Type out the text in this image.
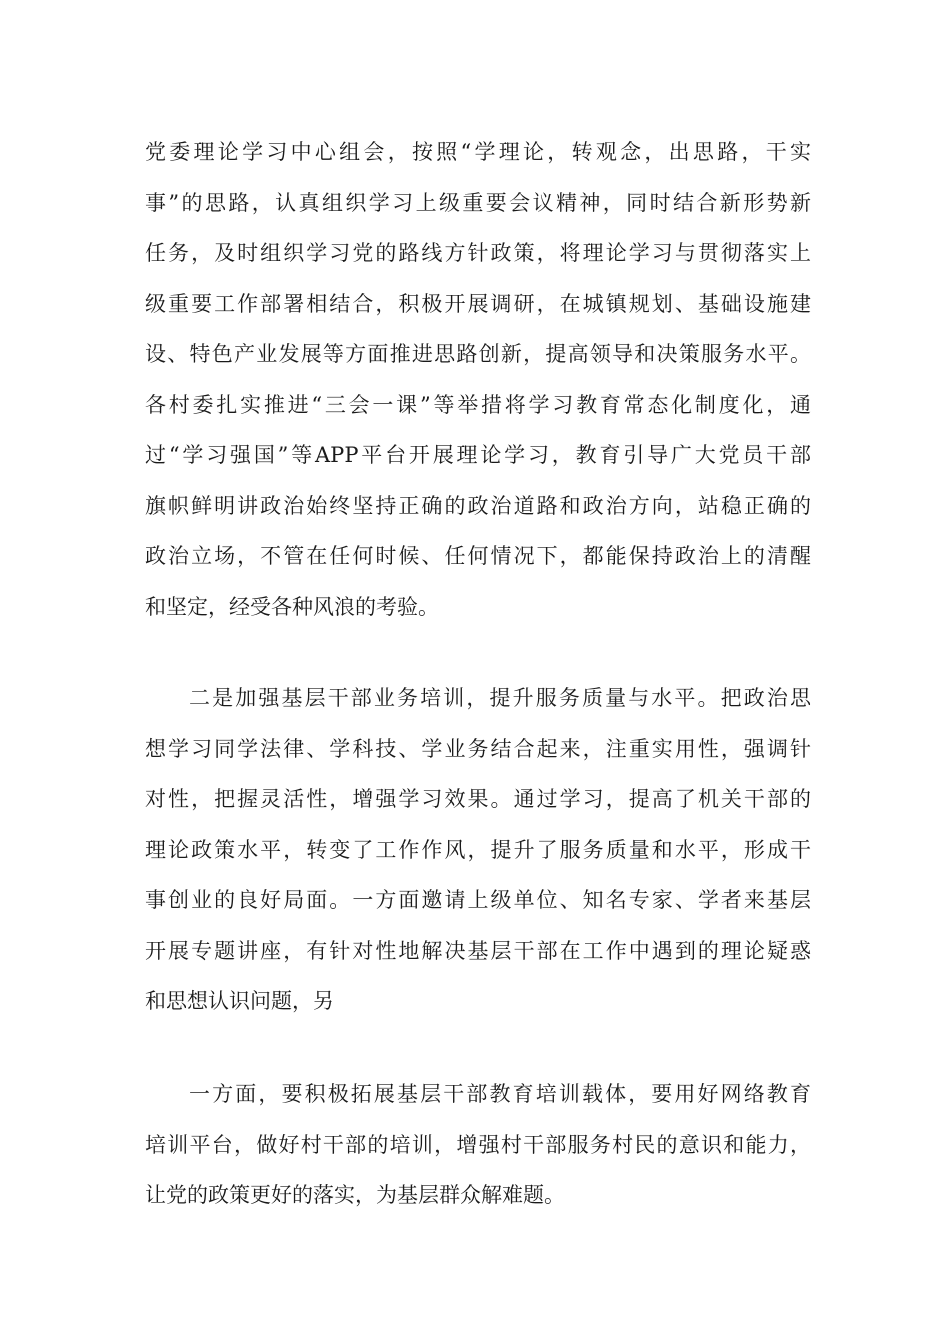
党委理论学习中心组会，按照“学理论，转观念，出思路，干实
事”的思路，认真组织学习上级重要会议精神，同时结合新形势新
任务，及时组织学习党的路线方针政策，将理论学习与贯彻落实上
级重要工作部署相结合，积极开展调研，在城镇规划、基础设施建
设、特色产业发展等方面推进思路创新，提高领导和决策服务水平。
各村委扎实推进“三会一课”等举措将学习教育常态化制度化，通
过“学习强国”等APP平台开展理论学习，教育引导广大党员干部
旗帜鲜明讲政治始终坚持正确的政治道路和政治方向，站稳正确的
政治立场，不管在任何时候、任何情况下，都能保持政治上的清醒
和坚定，经受各种风浪的考验。
二是加强基层干部业务培训，提升服务质量与水平。把政治思
想学习同学法律、学科技、学业务结合起来，注重实用性，强调针
对性，把握灵活性，增强学习效果。通过学习，提高了机关干部的
理论政策水平，转变了工作作风，提升了服务质量和水平，形成干
事创业的良好局面。一方面邀请上级单位、知名专家、学者来基层
开展专题讲座，有针对性地解决基层干部在工作中遇到的理论疑惑
和思想认识问题，另
一方面，要积极拓展基层干部教育培训载体，要用好网络教育
培训平台，做好村干部的培训，增强村干部服务村民的意识和能力，
让党的政策更好的落实，为基层群众解难题。
